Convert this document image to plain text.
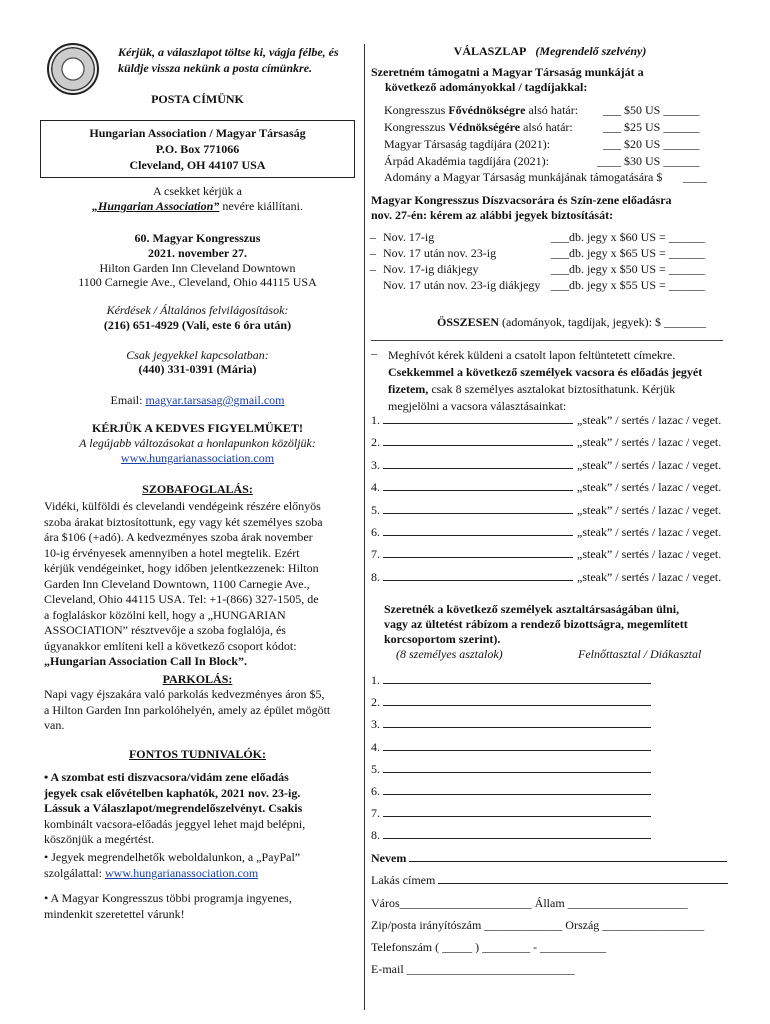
Kérjük, a válaszlapot töltse ki, vágja félbe, és küldje vissza nekünk a posta címünkre.
POSTA CÍMÜNK
Hungarian Association / Magyar Társaság
P.O. Box 771066
Cleveland, OH 44107 USA
A csekket kérjük a
„Hungarian Association” nevére kiállítani.
60. Magyar Kongresszus
2021. november 27.
Hilton Garden Inn Cleveland Downtown
1100 Carnegie Ave., Cleveland, Ohio 44115 USA
Kérdések / Általános felvilágosítások:
(216) 651-4929 (Vali, este 6 óra után)
Csak jegyekkel kapcsolatban:
(440) 331-0391 (Mária)
Email: magyar.tarsasag@gmail.com
KÉRJÜK A KEDVES FIGYELMÜKET!
A legújabb változásokat a honlapunkon közöljük:
www.hungarianassociation.com
SZOBAFOGLALÁS:
Vidéki, külföldi és clevelandi vendégeink részére előnyös
szoba árakat biztosítottunk, egy vagy két személyes szoba
ára $106 (+adó). A kedvezményes szoba árak november
10-ig érvényesek amennyiben a hotel megtelik. Ezért
kérjük vendégeinket, hogy időben jelentkezzenek: Hilton
Garden Inn Cleveland Downtown, 1100 Carnegie Ave.,
Cleveland, Ohio 44115 USA. Tel: +1-(866) 327-1505, de
a foglaláskor közölni kell, hogy a „HUNGARIAN
ASSOCIATION” résztvevője a szoba foglalója, és
úgyanakkor említeni kell a következő csoport kódot:
„Hungarian Association Call In Block”.
PARKOLÁS:
Napi vagy éjszakára való parkolás kedvezményes áron $5,
a Hilton Garden Inn parkolóhelyén, amely az épület mögött
van.
FONTOS TUDNIVALÓK:
• A szombat esti diszvacsora/vidám zene előadás
jegyek csak elővételben kaphatók, 2021 nov. 23-ig.
Lássuk a Válaszlapot/megrendelőszelvényt. Csakis
kombinált vacsora-előadás jeggyel lehet majd belépni,
köszönjük a megértést.
• Jegyek megrendelhetők weboldalunkon, a „PayPal”
szolgálattal: www.hungarianassociation.com
• A Magyar Kongresszus többi programja ingyenes,
mindenkit szeretettel várunk!
VÁLASZLAP (Megrendelő szelvény)
Szeretném támogatni a Magyar Társaság munkáját a
következő adományokkal / tagdíjakkal:
Kongresszus Fővédnökségre alsó határ: ___ $50 US ______
Kongresszus Védnökségére alsó határ:	___ $25 US ______
Magyar Társaság tagdíjára (2021):	___ $20 US ______
Árpád Akadémia tagdíjára (2021):	____ $30 US ______
Adomány a Magyar Társaság munkájának támogatására $ ____
Magyar Kongresszus Díszvacsorára és Szín-zene előadásra
nov. 27-én: kérem az alábbi jegyek biztosítását:
– Nov. 17-ig	___db. jegy x $60 US = ______
– Nov. 17 után nov. 23-ig	___db. jegy x $65 US = ______
– Nov. 17-ig diákjegy	___db. jegy x $50 US = ______
Nov. 17 után nov. 23-ig diákjegy ___db. jegy x $55 US = ______
ÖSSZESEN (adományok, tagdíjak, jegyek): $ _______
– Meghívót kérek küldeni a csatolt lapon feltüntetett címekre.
Csekkemmel a következő személyek vacsora és előadás jegyét
fizetem, csak 8 személyes asztalokat biztosíthatunk. Kérjük
megjelölni a vacsora választásainkat:
1.	„steak” / sertés / lazac / veget.
2.	„steak” / sertés / lazac / veget.
3.	„steak” / sertés / lazac / veget.
4.	„steak” / sertés / lazac / veget.
5.	„steak” / sertés / lazac / veget.
6.	„steak” / sertés / lazac / veget.
7.	„steak” / sertés / lazac / veget.
8.	„steak” / sertés / lazac / veget.
Szeretnék a következő személyek asztaltársaságában ülni,
vagy az ültetést rábízom a rendező bizottságra, megemlített
korcsoportom szerint).
(8 személyes asztalok)	Felnőttasztal / Diákasztal
1.
2.
3.
4.
5.
6.
7.
8.
Nevem
Lakás címem
Város______________________ Állam ____________________
Zip/posta irányítószám _____________ Ország _________________
Telefonszám ( _____ ) ________ - ___________
E-mail ____________________________
